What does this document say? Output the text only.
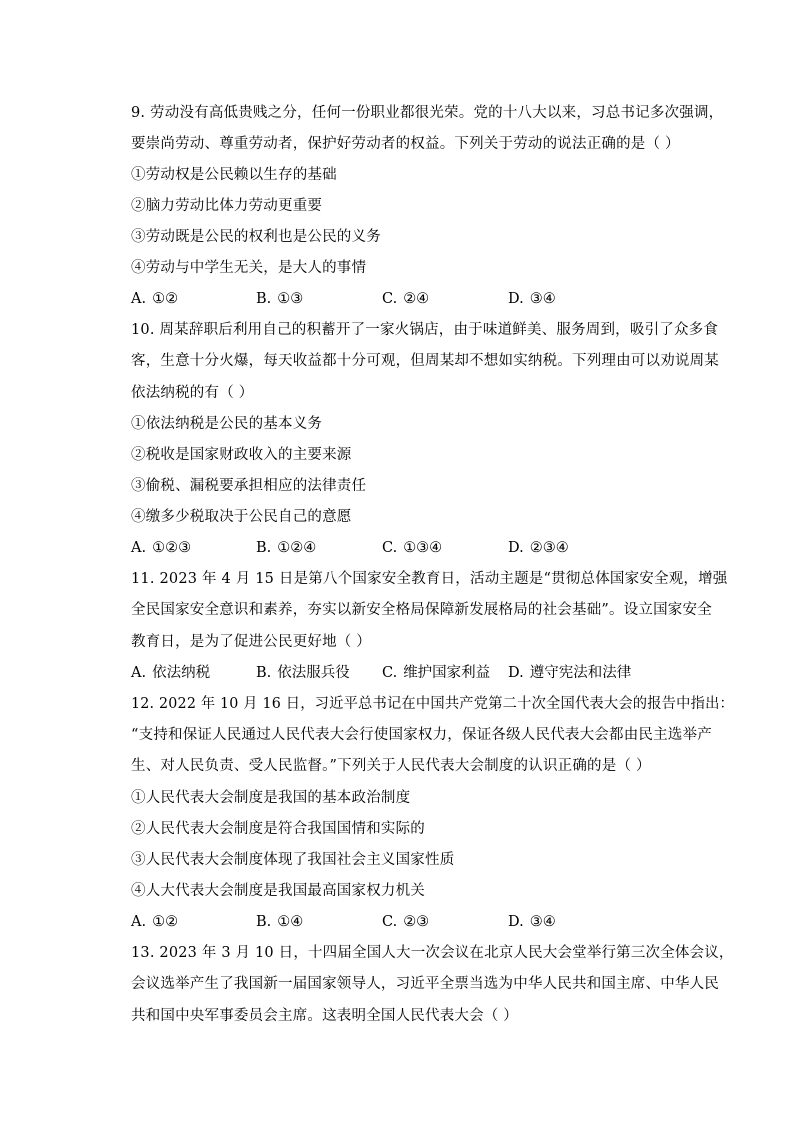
9. 劳动没有高低贵贱之分，任何一份职业都很光荣。党的十八大以来，习总书记多次强调，
要崇尚劳动、尊重劳动者，保护好劳动者的权益。下列关于劳动的说法正确的是（ ）
①劳动权是公民赖以生存的基础
②脑力劳动比体力劳动更重要
③劳动既是公民的权利也是公民的义务
④劳动与中学生无关，是大人的事情
A. ①②	B. ①③	C. ②④	D. ③④
10. 周某辞职后利用自己的积蓄开了一家火锅店，由于味道鲜美、服务周到，吸引了众多食
客，生意十分火爆，每天收益都十分可观，但周某却不想如实纳税。下列理由可以劝说周某
依法纳税的有（ ）
①依法纳税是公民的基本义务
②税收是国家财政收入的主要来源
③偷税、漏税要承担相应的法律责任
④缴多少税取决于公民自己的意愿
A. ①②③	B. ①②④	C. ①③④	D. ②③④
11. 2023 年 4 月 15 日是第八个国家安全教育日，活动主题是“贯彻总体国家安全观，增强
全民国家安全意识和素养，夯实以新安全格局保障新发展格局的社会基础”。设立国家安全
教育日，是为了促进公民更好地（ ）
A. 依法纳税	B. 依法服兵役 C. 维护国家利益 D. 遵守宪法和法律
12. 2022 年 10 月 16 日，习近平总书记在中国共产党第二十次全国代表大会的报告中指出：
“支持和保证人民通过人民代表大会行使国家权力，保证各级人民代表大会都由民主选举产
生、对人民负责、受人民监督。”下列关于人民代表大会制度的认识正确的是（ ）
①人民代表大会制度是我国的基本政治制度
②人民代表大会制度是符合我国国情和实际的
③人民代表大会制度体现了我国社会主义国家性质
④人大代表大会制度是我国最高国家权力机关
A. ①②	B. ①④	C. ②③	D. ③④
13. 2023 年 3 月 10 日，十四届全国人大一次会议在北京人民大会堂举行第三次全体会议，
会议选举产生了我国新一届国家领导人，习近平全票当选为中华人民共和国主席、中华人民
共和国中央军事委员会主席。这表明全国人民代表大会（ ）
